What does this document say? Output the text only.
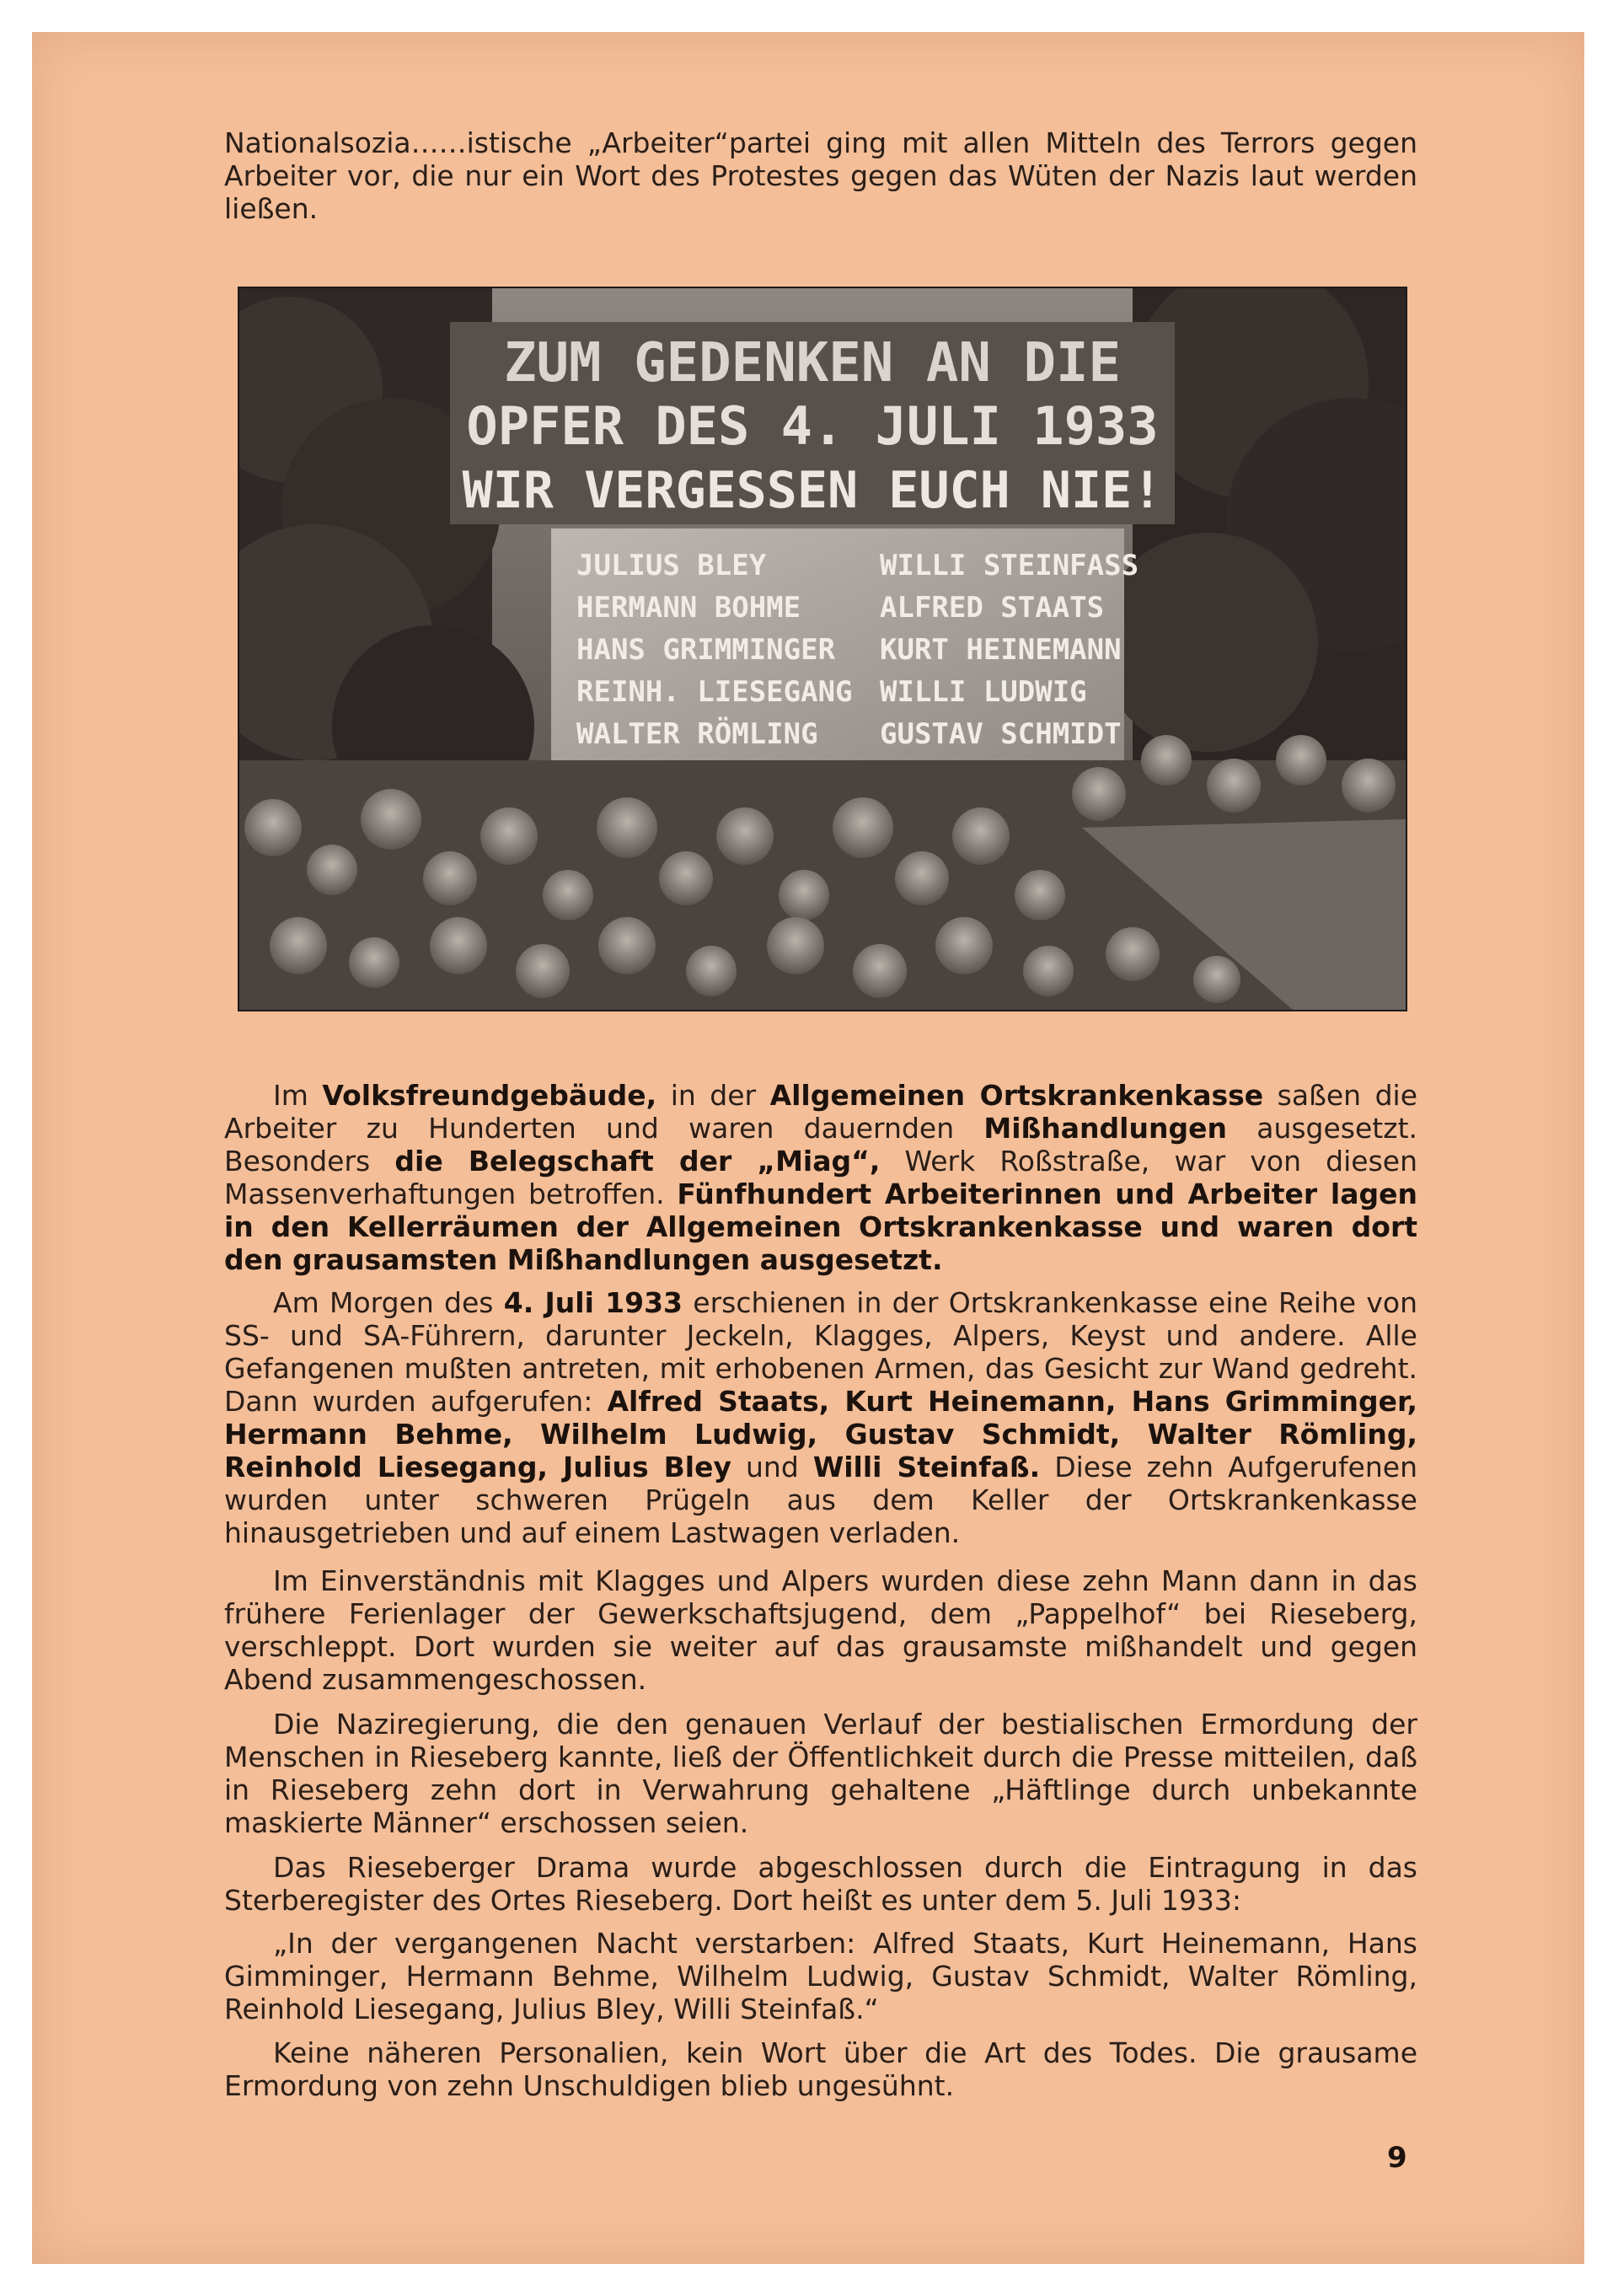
Nationalsozia……istische „Arbeiter“partei ging mit allen Mitteln des Terrors gegen Arbeiter vor, die nur ein Wort des Protestes gegen das Wüten der Nazis laut werden ließen.

ZUM GEDENKEN AN DIE
OPFER DES 4. JULI 1933
WIR VERGESSEN EUCH NIE!
JULIUS BLEY
HERMANN BOHME
HANS GRIMMINGER
REINH. LIESEGANG
WALTER RÖMLING
WILLI STEINFASS
ALFRED STAATS
KURT HEINEMANN
WILLI LUDWIG
GUSTAV SCHMIDT

Im Volksfreundgebäude, in der Allgemeinen Ortskrankenkasse saßen die Arbeiter zu Hunderten und waren dauernden Mißhandlungen ausgesetzt. Besonders die Belegschaft der „Miag“, Werk Roßstraße, war von diesen Massenverhaftungen betroffen. Fünfhundert Arbeiterinnen und Arbeiter lagen in den Kellerräumen der Allgemeinen Ortskrankenkasse und waren dort den grausamsten Mißhandlungen ausgesetzt.

Am Morgen des 4. Juli 1933 erschienen in der Ortskrankenkasse eine Reihe von SS- und SA-Führern, darunter Jeckeln, Klagges, Alpers, Keyst und andere. Alle Gefangenen mußten antreten, mit erhobenen Armen, das Gesicht zur Wand gedreht. Dann wurden aufgerufen: Alfred Staats, Kurt Heinemann, Hans Grimminger, Hermann Behme, Wilhelm Ludwig, Gustav Schmidt, Walter Römling, Reinhold Liesegang, Julius Bley und Willi Steinfaß. Diese zehn Aufgerufenen wurden unter schweren Prügeln aus dem Keller der Ortskrankenkasse hinausgetrieben und auf einem Lastwagen verladen.

Im Einverständnis mit Klagges und Alpers wurden diese zehn Mann dann in das frühere Ferienlager der Gewerkschaftsjugend, dem „Pappelhof“ bei Rieseberg, verschleppt. Dort wurden sie weiter auf das grausamste mißhandelt und gegen Abend zusammengeschossen.

Die Naziregierung, die den genauen Verlauf der bestialischen Ermordung der Menschen in Rieseberg kannte, ließ der Öffentlichkeit durch die Presse mitteilen, daß in Rieseberg zehn dort in Verwahrung gehaltene „Häftlinge durch unbekannte maskierte Männer“ erschossen seien.

Das Rieseberger Drama wurde abgeschlossen durch die Eintragung in das Sterberegister des Ortes Rieseberg. Dort heißt es unter dem 5. Juli 1933:

„In der vergangenen Nacht verstarben: Alfred Staats, Kurt Heinemann, Hans Gimminger, Hermann Behme, Wilhelm Ludwig, Gustav Schmidt, Walter Römling, Reinhold Liesegang, Julius Bley, Willi Steinfaß.“

Keine näheren Personalien, kein Wort über die Art des Todes. Die grausame Ermordung von zehn Unschuldigen blieb ungesühnt.

9
